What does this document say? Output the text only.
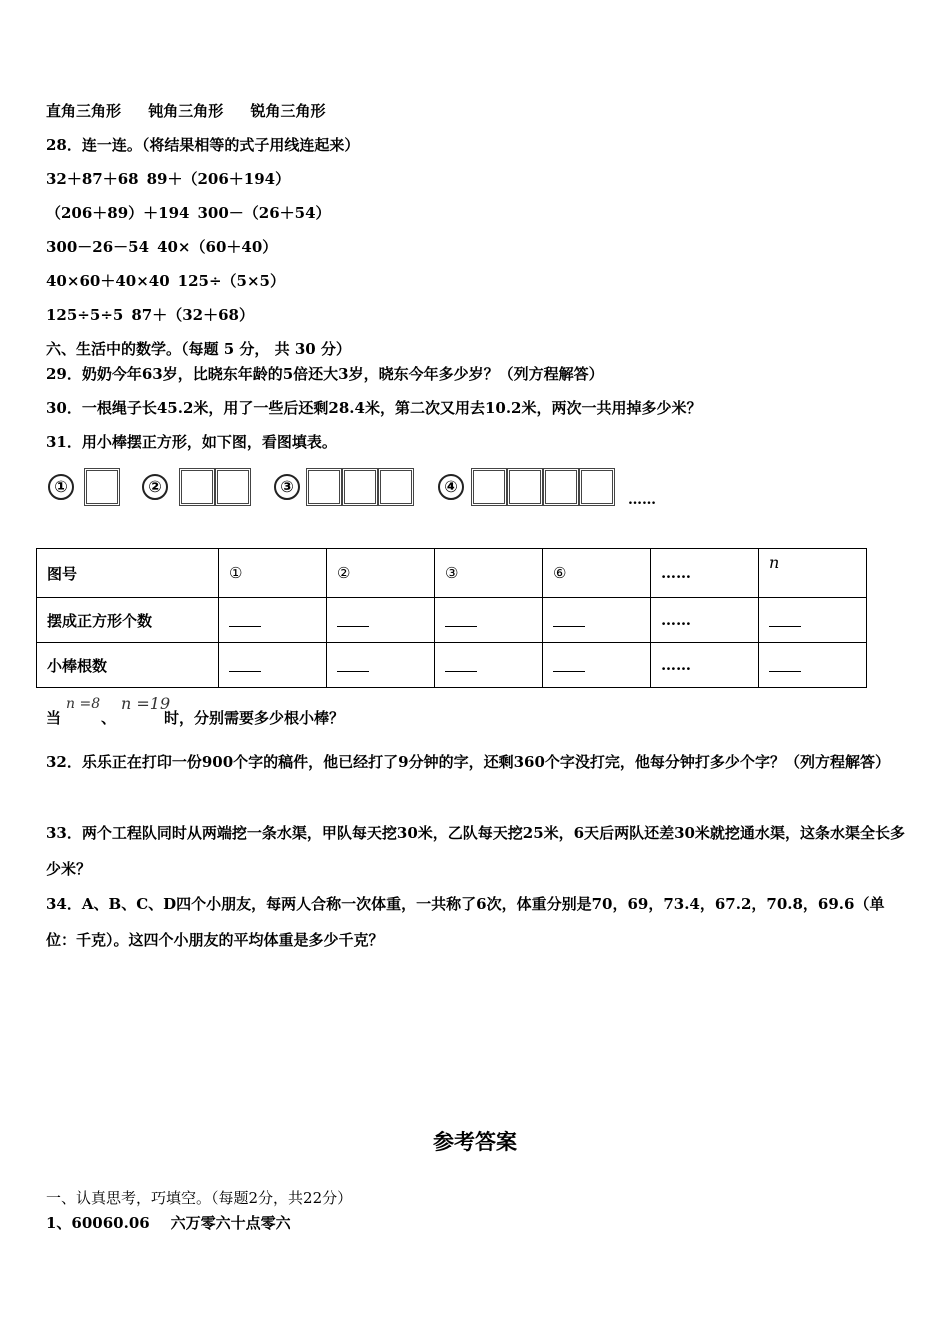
直角三角形 钝角三角形 锐角三角形
28．连一连。（将结果相等的式子用线连起来）
32＋87＋68 89＋（206＋194）
（206＋89）＋194 300－（26＋54）
300－26－54 40×（60＋40）
40×60＋40×40 125÷（5×5）
125÷5÷5 87＋（32＋68）
六、生活中的数学。（每题 5 分， 共 30 分）
29．奶奶今年63岁，比晓东年龄的5倍还大3岁，晓东今年多少岁？（列方程解答）
30．一根绳子长45.2米，用了一些后还剩28.4米，第二次又用去10.2米，两次一共用掉多少米？
31．用小棒摆正方形，如下图，看图填表。
①	②	③	④
……
图号	①	②	③	⑥	……	n
摆成正方形个数					……	
小棒根数					……	
n =8 n =19
当	、	时，分别需要多少根小棒？
32．乐乐正在打印一份900个字的稿件，他已经打了9分钟的字，还剩360个字没打完，他每分钟打多少个字？（列方程解答）
33．两个工程队同时从两端挖一条水渠，甲队每天挖30米，乙队每天挖25米，6天后两队还差30米就挖通水渠，这条水渠全长多少米？
34．A、B、C、D四个小朋友，每两人合称一次体重，一共称了6次，体重分别是70，69，73.4，67.2，70.8，69.6（单位：千克）。这四个小朋友的平均体重是多少千克？
参考答案
一、认真思考，巧填空。（每题2分，共22分）
1、60060.06    六万零六十点零六
